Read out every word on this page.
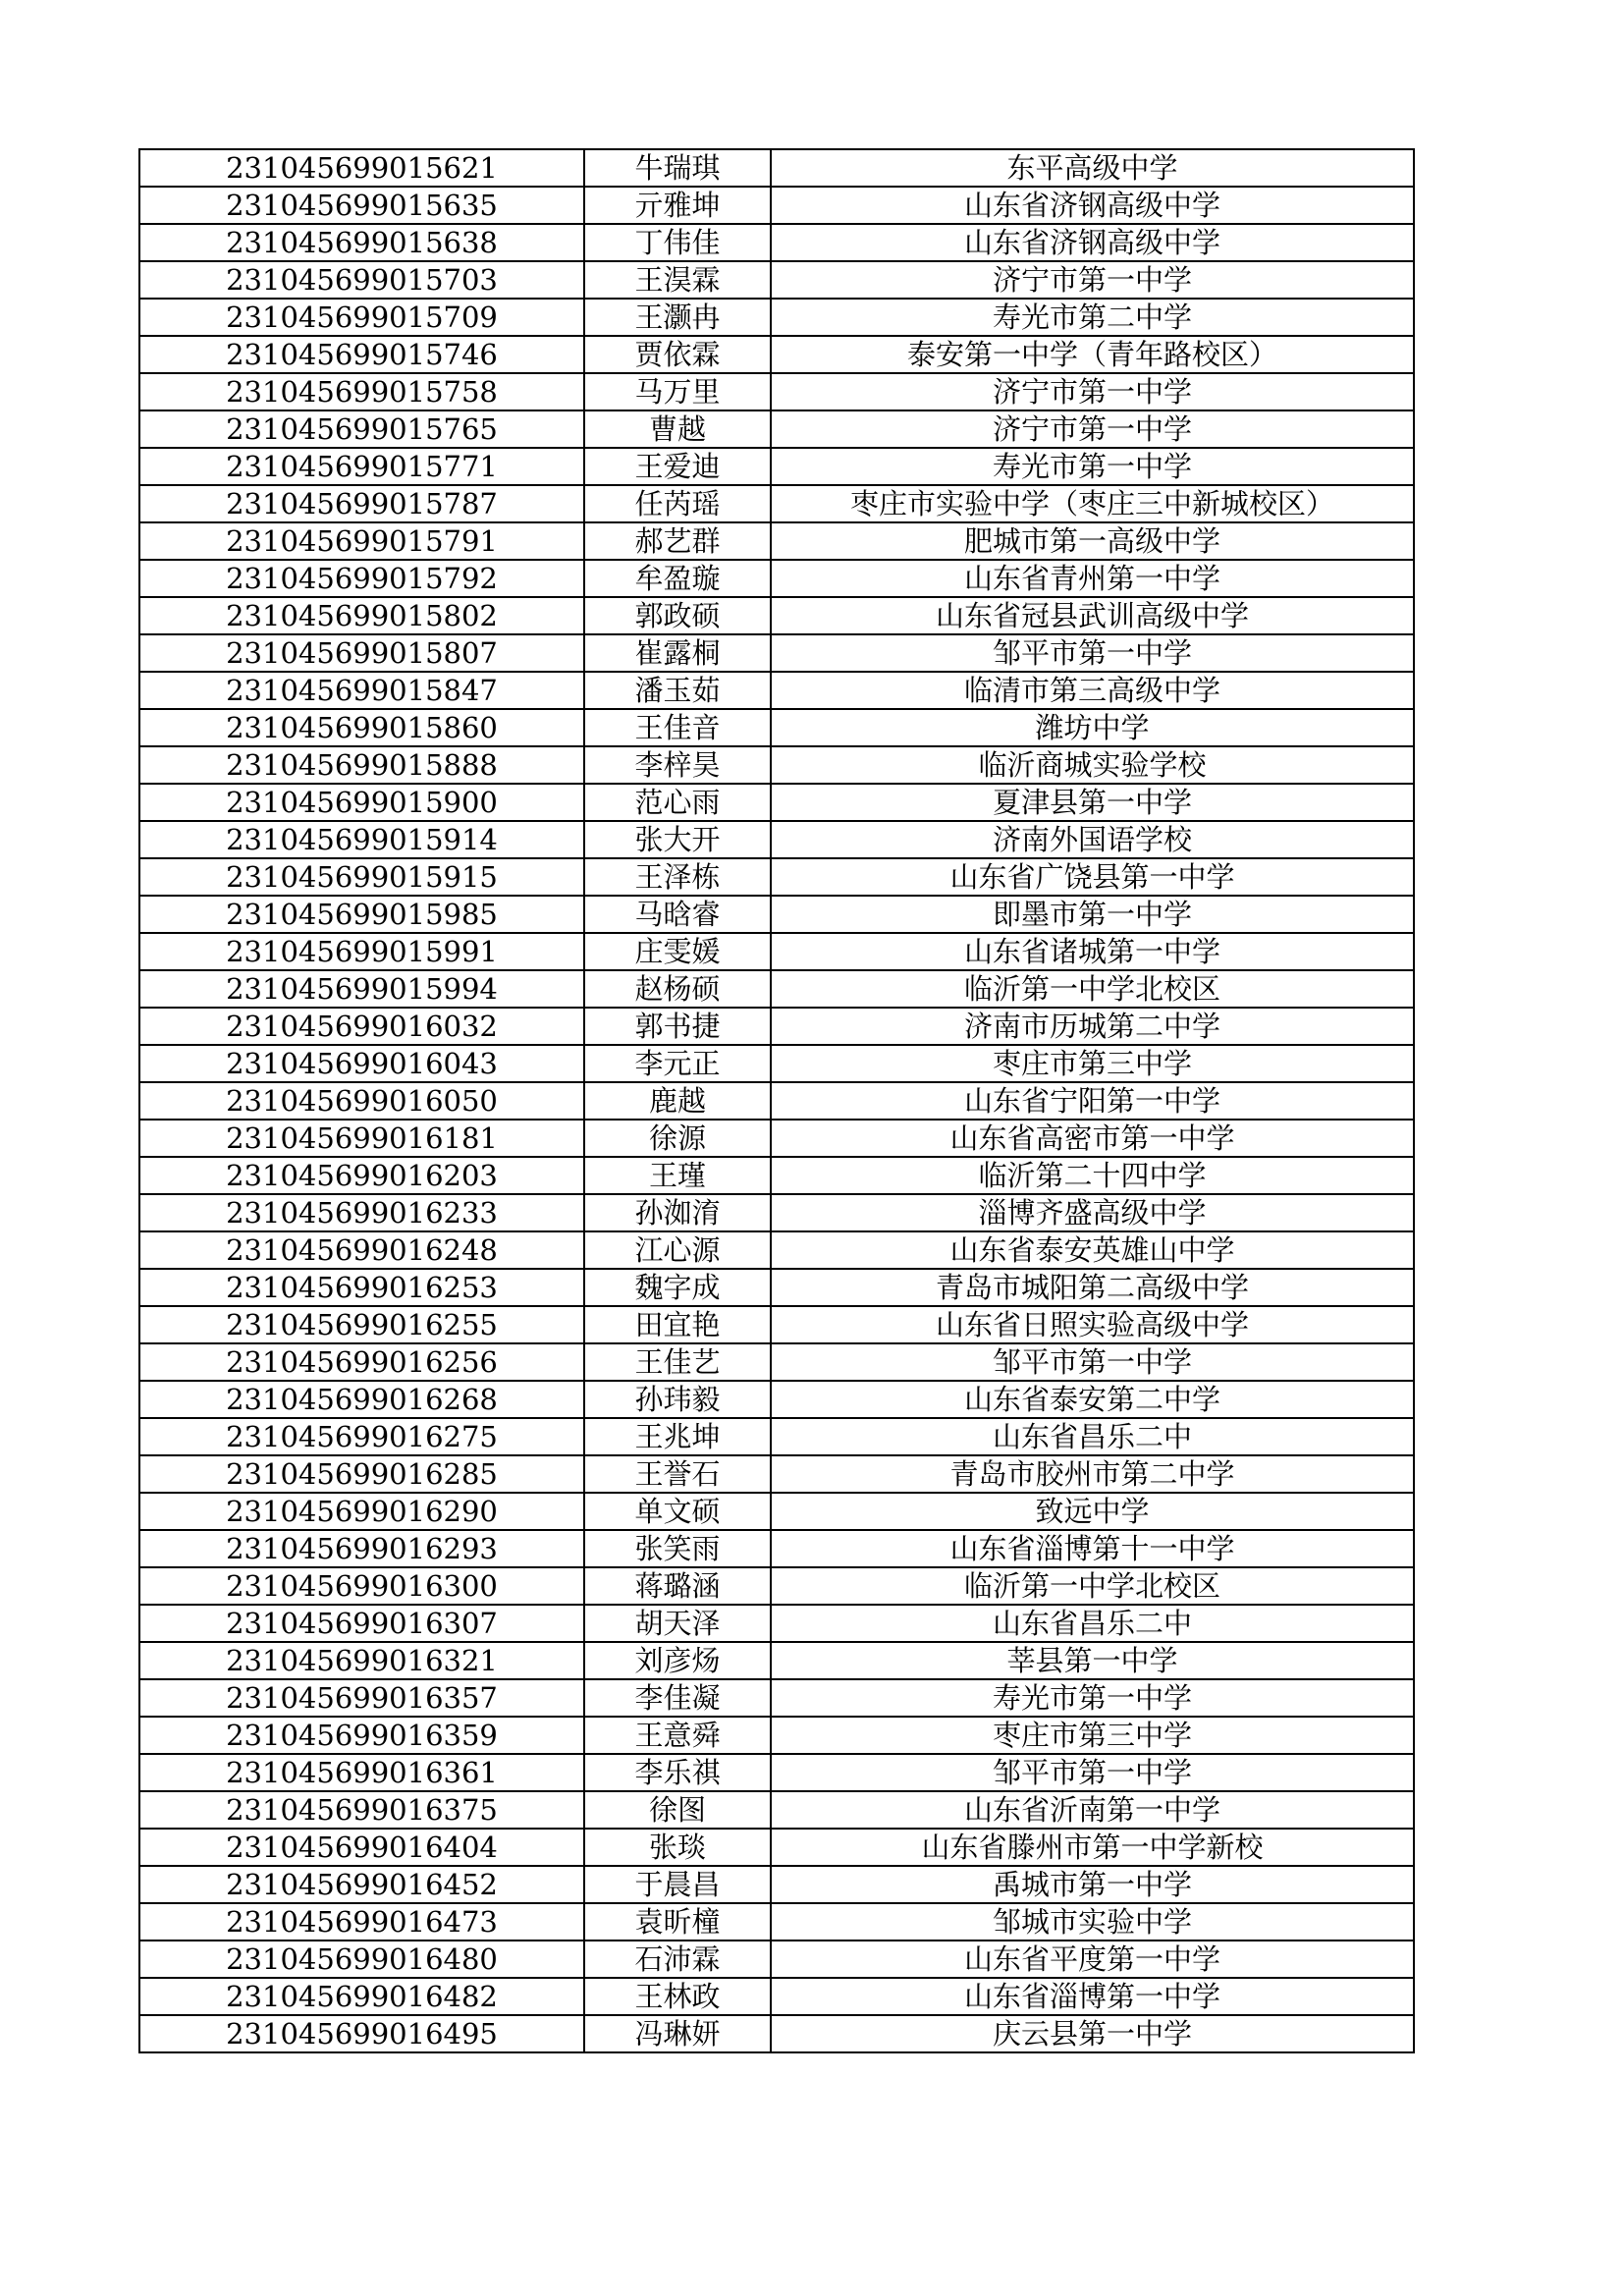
231045699015621	牛瑞琪	东平高级中学
231045699015635	亓雅坤	山东省济钢高级中学
231045699015638	丁伟佳	山东省济钢高级中学
231045699015703	王淏霖	济宁市第一中学
231045699015709	王灏冉	寿光市第二中学
231045699015746	贾依霖	泰安第一中学（青年路校区）
231045699015758	马万里	济宁市第一中学
231045699015765	曹越	济宁市第一中学
231045699015771	王爱迪	寿光市第一中学
231045699015787	任芮瑶	枣庄市实验中学（枣庄三中新城校区）
231045699015791	郝艺群	肥城市第一高级中学
231045699015792	牟盈璇	山东省青州第一中学
231045699015802	郭政硕	山东省冠县武训高级中学
231045699015807	崔露桐	邹平市第一中学
231045699015847	潘玉茹	临清市第三高级中学
231045699015860	王佳音	潍坊中学
231045699015888	李梓昊	临沂商城实验学校
231045699015900	范心雨	夏津县第一中学
231045699015914	张大开	济南外国语学校
231045699015915	王泽栋	山东省广饶县第一中学
231045699015985	马晗睿	即墨市第一中学
231045699015991	庄雯媛	山东省诸城第一中学
231045699015994	赵杨硕	临沂第一中学北校区
231045699016032	郭书捷	济南市历城第二中学
231045699016043	李元正	枣庄市第三中学
231045699016050	鹿越	山东省宁阳第一中学
231045699016181	徐源	山东省高密市第一中学
231045699016203	王瑾	临沂第二十四中学
231045699016233	孙洳淯	淄博齐盛高级中学
231045699016248	江心源	山东省泰安英雄山中学
231045699016253	魏字成	青岛市城阳第二高级中学
231045699016255	田宜艳	山东省日照实验高级中学
231045699016256	王佳艺	邹平市第一中学
231045699016268	孙玮毅	山东省泰安第二中学
231045699016275	王兆坤	山东省昌乐二中
231045699016285	王誉石	青岛市胶州市第二中学
231045699016290	单文硕	致远中学
231045699016293	张笑雨	山东省淄博第十一中学
231045699016300	蒋璐涵	临沂第一中学北校区
231045699016307	胡天泽	山东省昌乐二中
231045699016321	刘彦炀	莘县第一中学
231045699016357	李佳凝	寿光市第一中学
231045699016359	王意舜	枣庄市第三中学
231045699016361	李乐祺	邹平市第一中学
231045699016375	徐图	山东省沂南第一中学
231045699016404	张琰	山东省滕州市第一中学新校
231045699016452	于晨昌	禹城市第一中学
231045699016473	袁昕橦	邹城市实验中学
231045699016480	石沛霖	山东省平度第一中学
231045699016482	王林政	山东省淄博第一中学
231045699016495	冯琳妍	庆云县第一中学
